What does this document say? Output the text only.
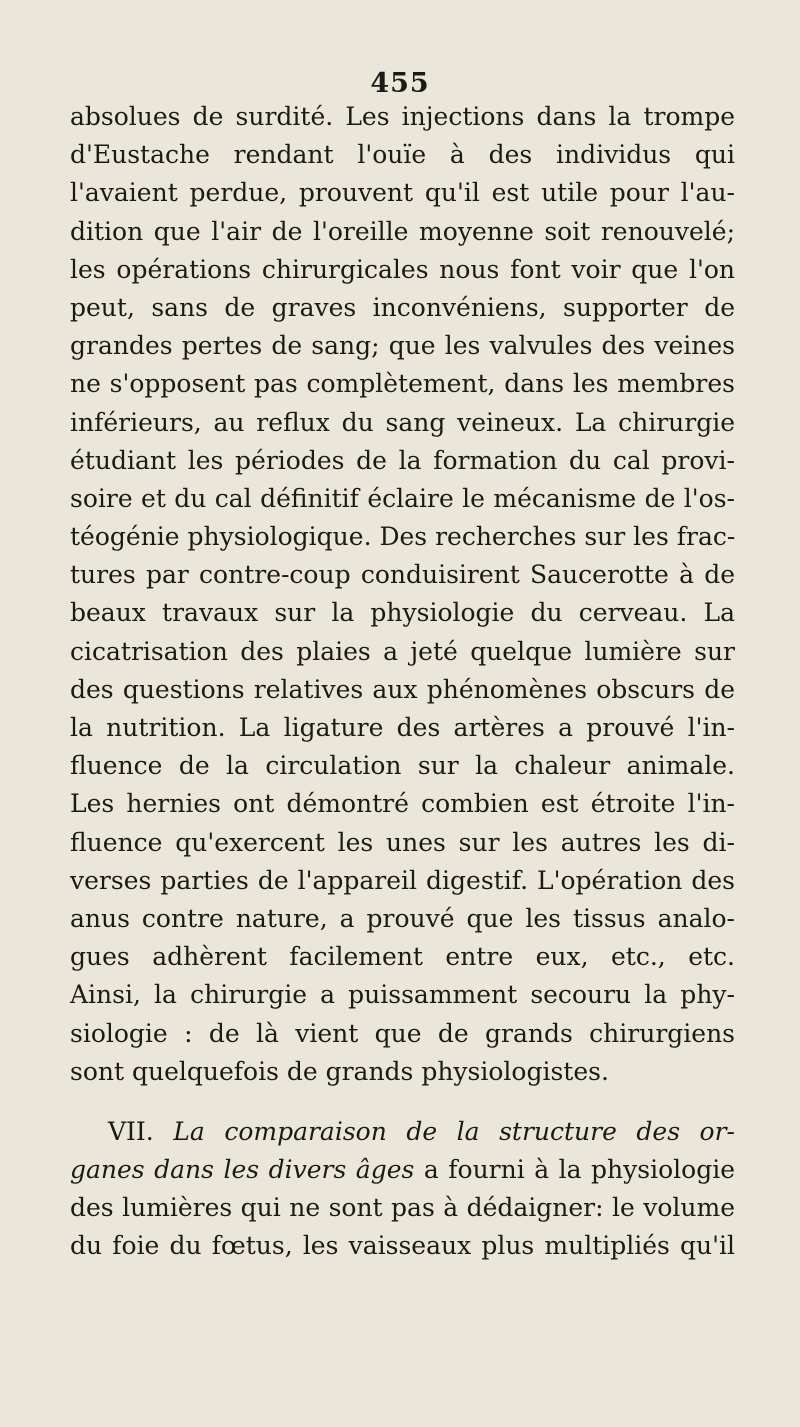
455
absolues de surdité. Les injections dans la trompe
d'Eustache rendant l'ouïe à des individus qui
l'avaient perdue, prouvent qu'il est utile pour l'au-
dition que l'air de l'oreille moyenne soit renouvelé;
les opérations chirurgicales nous font voir que l'on
peut, sans de graves inconvéniens, supporter de
grandes pertes de sang; que les valvules des veines
ne s'opposent pas complètement, dans les membres
inférieurs, au reflux du sang veineux. La chirurgie
étudiant les périodes de la formation du cal provi-
soire et du cal définitif éclaire le mécanisme de l'os-
téogénie physiologique. Des recherches sur les frac-
tures par contre-coup conduisirent Saucerotte à de
beaux travaux sur la physiologie du cerveau. La
cicatrisation des plaies a jeté quelque lumière sur
des questions relatives aux phénomènes obscurs de
la nutrition. La ligature des artères a prouvé l'in-
fluence de la circulation sur la chaleur animale.
Les hernies ont démontré combien est étroite l'in-
fluence qu'exercent les unes sur les autres les di-
verses parties de l'appareil digestif. L'opération des
anus contre nature, a prouvé que les tissus analo-
gues adhèrent facilement entre eux, etc., etc.
Ainsi, la chirurgie a puissamment secouru la phy-
siologie : de là vient que de grands chirurgiens
sont quelquefois de grands physiologistes.
VII. La comparaison de la structure des or-
ganes dans les divers âges a fourni à la physiologie
des lumières qui ne sont pas à dédaigner: le volume
du foie du fœtus, les vaisseaux plus multipliés qu'il
